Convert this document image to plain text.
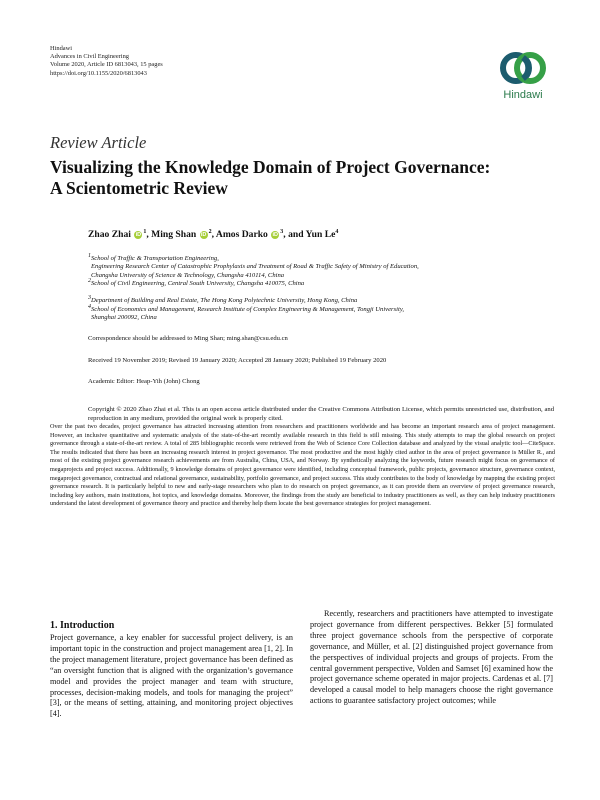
Hindawi
Advances in Civil Engineering
Volume 2020, Article ID 6813043, 15 pages
https://doi.org/10.1155/2020/6813043
Hindawi
Review Article
Visualizing the Knowledge Domain of Project Governance:
A Scientometric Review
Zhao Zhai $iD^1$, Ming Shan $iD^2$, Amos Darko $iD^3$, and Yun Le$^4$
$^1$School of Traffic & Transportation Engineering,
Engineering Research Center of Catastrophic Prophylaxis and Treatment of Road & Traffic Safety of Ministry of Education,
Changsha University of Science & Technology, Changsha 410114, China
$^2$School of Civil Engineering, Central South University, Changsha 410075, China
$^3$Department of Building and Real Estate, The Hong Kong Polytechnic University, Hong Kong, China
$^4$School of Economics and Management, Research Institute of Complex Engineering & Management, Tongji University,
Shanghai 200092, China
Correspondence should be addressed to Ming Shan; ming.shan@csu.edu.cn
Received 19 November 2019; Revised 19 January 2020; Accepted 28 January 2020; Published 19 February 2020
Academic Editor: Heap-Yih (John) Chong
Copyright © 2020 Zhao Zhai et al. This is an open access article distributed under the Creative Commons Attribution License, which permits unrestricted use, distribution, and reproduction in any medium, provided the original work is properly cited.
Over the past two decades, project governance has attracted increasing attention from researchers and practitioners worldwide and has become an important research area of project management. However, an inclusive quantitative and systematic analysis of the state-of-the-art recently available research in this field is still missing. This study attempts to map the global research on project governance through a state-of-the-art review. A total of 285 bibliographic records were retrieved from the Web of Science Core Collection database and analyzed by the visual analytic tool—CiteSpace. The results indicated that there has been an increasing research interest in project governance. The most productive and the most highly cited author in the area of project governance is Müller R., and most of the existing project governance research achievements are from Australia, China, USA, and Norway. By synthetically analyzing the keywords, future research might focus on governance of megaprojects and project success. Additionally, 9 knowledge domains of project governance were identified, including conceptual framework, public projects, governance structure, governance context, megaproject governance, contractual and relational governance, sustainability, portfolio governance, and project success. This study contributes to the body of knowledge by mapping the existing project governance research. It is particularly helpful to new and early-stage researchers who plan to do research on project governance, as it can provide them an overview of project governance research, including key authors, main institutions, hot topics, and knowledge domains. Moreover, the findings from the study are beneficial to industry practitioners as well, as they can help industry practitioners understand the latest development of governance theory and practice and thereby help them locate the best governance strategies for project management.
1. Introduction

Project governance, a key enabler for successful project delivery, is an important topic in the construction and project management area [1, 2]. In the project management literature, project governance has been defined as “an oversight function that is aligned with the organization’s governance model and provides the project manager and team with structure, processes, decision-making models, and tools for managing the project” [3], or the means of setting, attaining, and monitoring project objectives [4].

Recently, researchers and practitioners have attempted to investigate project governance from different perspectives. Bekker [5] formulated three project governance schools from the perspective of corporate governance, and Müller, et al. [2] distinguished project governance from the perspectives of individual projects and groups of projects. From the central government perspective, Volden and Samset [6] examined how the project governance scheme operated in major projects. Cardenas et al. [7] developed a causal model to help managers choose the right governance actions to guarantee satisfactory project outcomes; while
